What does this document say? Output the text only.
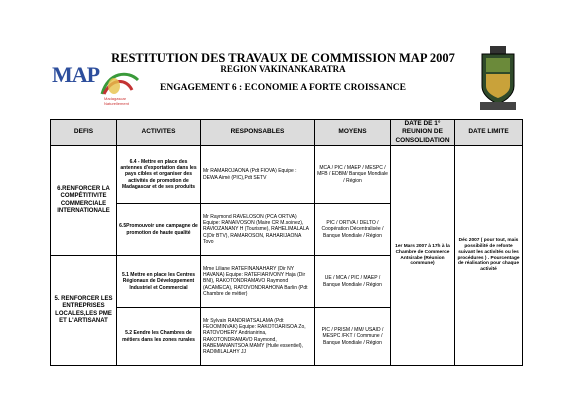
MAP
Madagascar Naturellement
RESTITUTION DES TRAVAUX DE COMMISSION MAP 2007
REGION VAKINANKARATRA
ENGAGEMENT 6 : ECONOMIE A FORTE CROISSANCE
DEFIS	ACTIVITES	RESPONSABLES	MOYENS	DATE DE 1° REUNION DE CONSOLIDATION	DATE LIMITE
6.RENFORCER LA COMPÉTITIVITE COMMERCIALE INTERNATIONALE	6.4 - Mettre en place des antennes d'exportation dans les pays cibles et organiser des activités de promotion de Madagascar et de ses produits	Mr RAMAROJAONA (Pdt FIOVA) Equipe : DEWA Aimé (PIC),Pdt SETV	MCA / PIC / MAEP / MESPC / MFB / EDBM/ Banque Mondiale / Région	1er Mars 2007 à 17h à la Chambre de Commerce Antsirabe (Réunion commune)	Déc 2007 ( pour tout, mais possibilité de refonte suivant les activités ou les procédures ) . Pourcentage de réalisation pour chaque activité
	6.5Promouvoir une campagne de promotion de haute qualité	Mr Raymond RAVELOSON (PCA ORTVA) Equipe: RANAIVOSON (Maire CR M.soinez), RAVIOZANANY H (Tourisme), RAHELIMALALA C(Dir BTV), RAMAROSON, RAHARIJAONA Tovo	PIC / ORTVA / DELTO / Coopération Décentralisée / Banque Mondiale / Région		
5. RENFORCER LES ENTREPRISES LOCALES,LES PME ET L'ARTISANAT	5.1 Mettre en place les Centres Régionaux de Développement Industriel et Commercial	Mme Liliane RATEFINANAHARY (Dir NY HAVANA) Equipe: RATEFIARIVONY Haja (Dir BNI), RAKOTONDRAMAVO Raymond (ACAMECA), RATOVONDRAHONA Barlin (Pdt Chambre de métier)	UE / MCA / PIC / MAEP / Banque Mondiale / Région		
	5.2 Eendre les Chambres de métiers dans les zones rurales	Mr Sylvain RANDRIATSALAMA (Pdt FEOOMINVAK) Equipe: RAKOTOARISOA Zo, RATOVOHERY Andrianirina, RAKOTONDRAMAVO Raymond, RABEMANANTSOA MAMY (Huile essentiel), RADIMILALAHY JJ	PIC / PRISM / MM/ USAID / MESPC /FKT / Commune / Banque Mondiale / Région		
